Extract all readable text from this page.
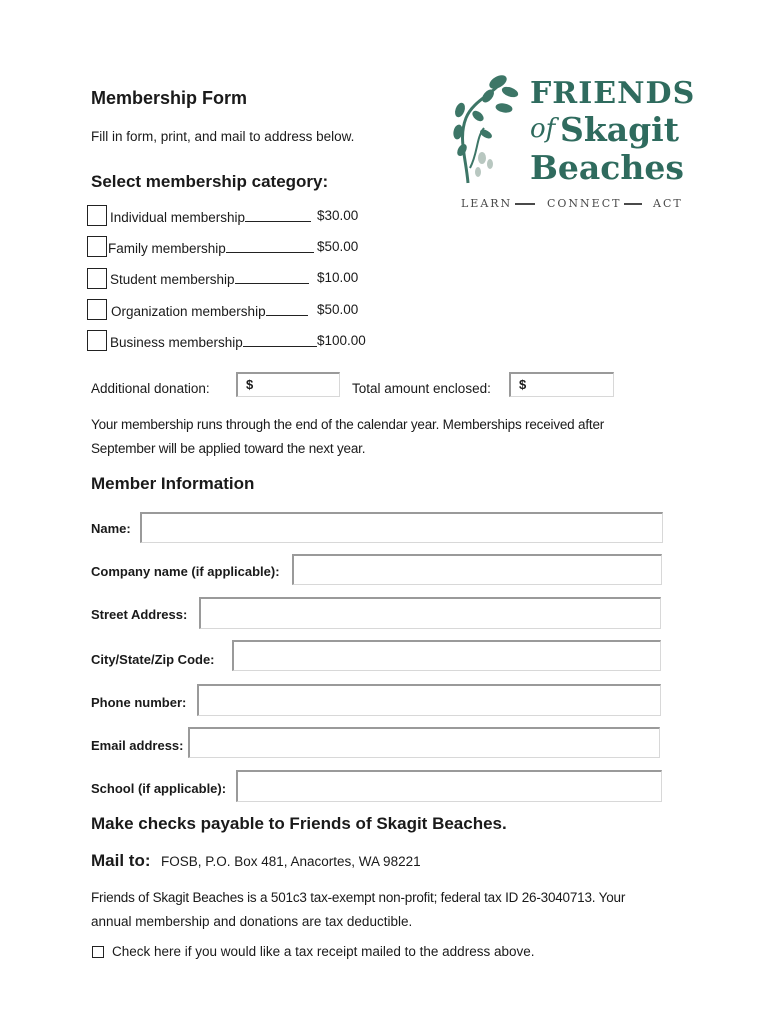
Membership Form
Fill in form, print, and mail to address below.
FRIENDS
of Skagit
Beaches
LEARN	CONNECT	ACT
Select membership category:
Individual membership	$30.00
Family membership	$50.00
Student membership	$10.00
Organization membership	$50.00
Business membership	$100.00
Additional donation:	$	Total amount enclosed: $
Your membership runs through the end of the calendar year. Memberships received after
September will be applied toward the next year.
Member Information
Name:
Company name (if applicable):
Street Address:
City/State/Zip Code:
Phone number:
Email address:
School (if applicable):
Make checks payable to Friends of Skagit Beaches.
Mail to: FOSB, P.O. Box 481, Anacortes, WA 98221
Friends of Skagit Beaches is a 501c3 tax-exempt non-profit; federal tax ID 26-3040713. Your
annual membership and donations are tax deductible.
Check here if you would like a tax receipt mailed to the address above.
